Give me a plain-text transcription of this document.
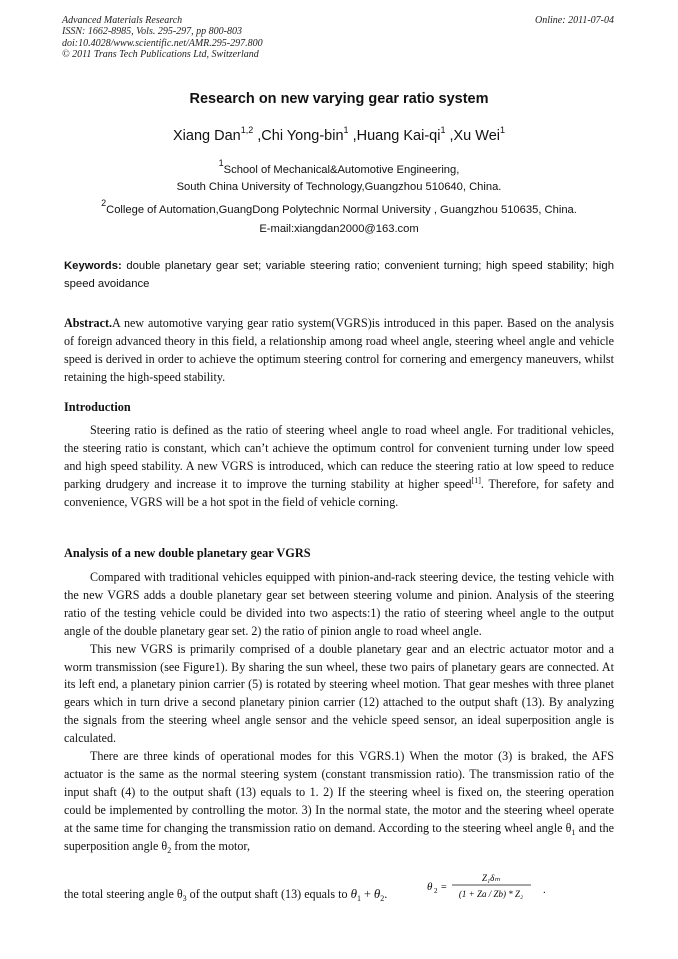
Advanced Materials Research
ISSN: 1662-8985, Vols. 295-297, pp 800-803
doi:10.4028/www.scientific.net/AMR.295-297.800
© 2011 Trans Tech Publications Ltd, Switzerland
Online: 2011-07-04
Research on new varying gear ratio system
Xiang Dan$^{1,2}$ ,Chi Yong-bin$^1$ ,Huang Kai-$qi^1$ ,Xu Wei$^1$
$^1$School of Mechanical&Automotive Engineering,
South China University of Technology,Guangzhou 510640, China.
$^2$College of Automation,GuangDong Polytechnic Normal University , Guangzhou 510635, China.
E-mail:xiangdan2000@163.com
Keywords: double planetary gear set; variable steering ratio; convenient turning; high speed stability; high speed avoidance
Abstract.A new automotive varying gear ratio system(VGRS)is introduced in this paper. Based on the analysis of foreign advanced theory in this field, a relationship among road wheel angle, steering wheel angle and vehicle speed is derived in order to achieve the optimum steering control for cornering and emergency maneuvers, whilst retaining the high-speed stability.
Introduction

Steering ratio is defined as the ratio of steering wheel angle to road wheel angle. For traditional vehicles, the steering ratio is constant, which can’t achieve the optimum control for convenient turning under low speed and high speed stability. A new VGRS is introduced, which can reduce the steering ratio at low speed to reduce parking drudgery and increase it to improve the turning stability at higher speed[1]. Therefore, for safety and convenience, VGRS will be a hot spot in the field of vehicle corning.

Analysis of a new double planetary gear VGRS

Compared with traditional vehicles equipped with pinion-and-rack steering device, the testing vehicle with the new VGRS adds a double planetary gear set between steering volume and pinion. Analysis of the steering ratio of the testing vehicle could be divided into two aspects:1) the ratio of steering wheel angle to the output angle of the double planetary gear set. 2) the ratio of pinion angle to road wheel angle.

This new VGRS is primarily comprised of a double planetary gear and an electric actuator motor and a worm transmission (see Figure1). By sharing the sun wheel, these two pairs of planetary gears are connected. At its left end, a planetary pinion carrier (5) is rotated by steering wheel motion. That gear meshes with three planet gears which in turn drive a second planetary pinion carrier (12) attached to the output shaft (13). By analyzing the signals from the steering wheel angle sensor and the vehicle speed sensor, an ideal superposition angle is calculated.

There are three kinds of operational modes for this VGRS.1) When the motor (3) is braked, the AFS actuator is the same as the normal steering system (constant transmission ratio). The transmission ratio of the input shaft (4) to the output shaft (13) equals to 1. 2) If the steering wheel is fixed on, the steering operation could be implemented by controlling the motor. 3) In the normal state, the motor and the steering wheel operate at the same time for changing the transmission ratio on demand. According to the steering wheel angle $\theta_1$ and the superposition angle $\theta_2$ from the motor,

the total steering angle $\theta_3$ of the output shaft (13) equals to $\theta_1 + \theta_2$.	θ 2 =
Z₁δₘ
(1 + Za / Zb) * Z₂ .
